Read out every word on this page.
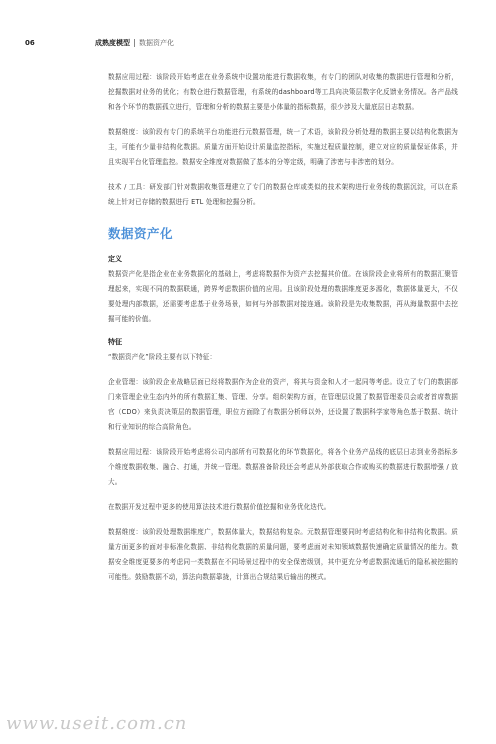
06	成熟度模型 数据资产化

数据应用过程：该阶段开始考虑在业务系统中设置功能进行数据收集，有专门的团队对收集的数据进行管理和分析，挖掘数据对业务的优化；有数仓进行数据管理，有系统的dashboard等工具向决策层数字化反馈业务情况。各产品线和各个环节的数据孤立进行，管理和分析的数据主要是小体量的指标数据，很少涉及大量底层日志数据。

数据维度：该阶段有专门的系统平台功能进行元数据管理，统一了术语，该阶段分析处理的数据主要以结构化数据为主，可能有少量非结构化数据。质量方面开始设计质量监控指标，实施过程质量控制，建立对应的质量保证体系，并且实现平台化管理监控。数据安全维度对数据做了基本的分等定级，明确了涉密与非涉密的划分。

技术 / 工具：研发部门针对数据收集管理建立了专门的数据仓库或类似的技术架构进行业务线的数据沉淀，可以在系统上针对已存储的数据进行 ETL 处理和挖掘分析。

数据资产化
定义

数据资产化是指企业在业务数据化的基础上，考虑将数据作为资产去挖掘其价值。在该阶段企业将所有的数据汇聚管理起来，实现不同的数据联通，跨界考虑数据价值的应用。且该阶段处理的数据维度更多源化，数据体量更大，不仅要处理内部数据，还需要考虑基于业务场景，如何与外部数据对接连通。该阶段是先收集数据，再从海量数据中去挖掘可能的价值。

特征

“数据资产化”阶段主要有以下特征：

企业管理：该阶段企业战略层面已经将数据作为企业的资产，将其与资金和人才一起同等考虑。设立了专门的数据部门来管理企业生态内外的所有数据汇集、管理、分享。组织架构方面，在管理层设置了数据管理委员会或者首席数据官（CDO）来负责决策层的数据管理，职位方面除了有数据分析师以外，还设置了数据科学家等角色基于数据、统计和行业知识的综合高阶角色。

数据应用过程：该阶段开始考虑将公司内部所有可数据化的环节数据化，将各个业务产品线的底层日志到业务指标多个维度数据收集、融合、打通，并统一管理。数据准备阶段还会考虑从外部获取合作或购买的数据进行数据增强 / 放大。

在数据开发过程中更多的使用算法技术进行数据价值挖掘和业务优化迭代。

数据维度：该阶段处理数据维度广，数据体量大，数据结构复杂。元数据管理要同时考虑结构化和非结构化数据。质量方面更多的面对非标准化数据、非结构化数据的质量问题，要考虑面对未知领域数据快速确定质量情况的能力。数据安全维度更要多的考虑同一类数据在不同场景过程中的安全保密级别，其中更充分考虑数据流通后的隐私被挖掘的可能性。鼓励数据不动，算法向数据靠拢，计算出合规结果后输出的模式。

www.useit.com.cn
